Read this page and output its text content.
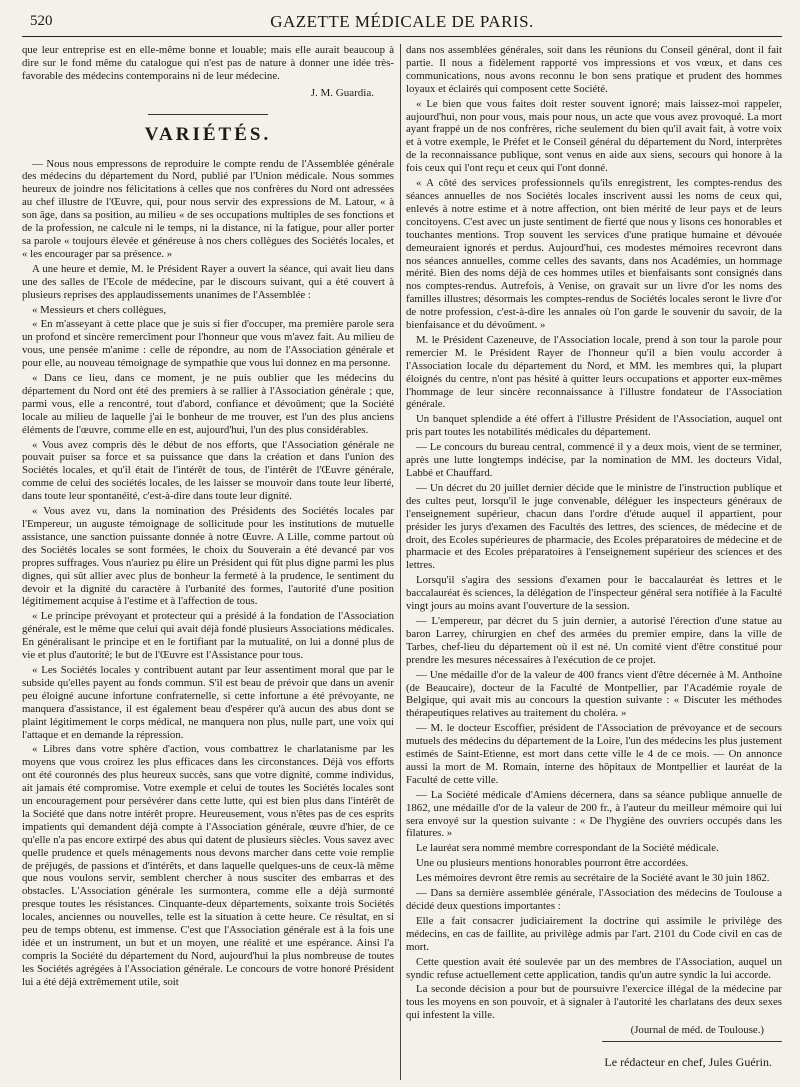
520	GAZETTE MÉDICALE DE PARIS.

que leur entreprise est en elle-même bonne et louable; mais elle aurait beaucoup à dire sur le fond même du catalogue qui n'est pas de nature à donner une idée très-favorable des médecins contemporains ni de leur médecine.

J. M. Guardia.
VARIÉTÉS.

— Nous nous empressons de reproduire le compte rendu de l'Assemblée générale des médecins du département du Nord, publié par l'Union médicale. Nous sommes heureux de joindre nos félicitations à celles que nos confrères du Nord ont adressées au chef illustre de l'Œuvre, qui, pour nous servir des expressions de M. Latour, « à son âge, dans sa position, au milieu « de ses occupations multiples de ses fonctions et de la profession, ne calcule ni le temps, ni la distance, ni la fatigue, pour aller porter sa parole « toujours élevée et généreuse à nos chers collègues des Sociétés locales, et « les encourager par sa présence. »

A une heure et demie, M. le Président Rayer a ouvert la séance, qui avait lieu dans une des salles de l'Ecole de médecine, par le discours suivant, qui a été couvert à plusieurs reprises des applaudissements unanimes de l'Assemblée :

« Messieurs et chers collègues,

« En m'asseyant à cette place que je suis si fier d'occuper, ma première parole sera un profond et sincère remercîment pour l'honneur que vous m'avez fait. Au milieu de vous, une pensée m'anime : celle de répondre, au nom de l'Association générale et pour elle, au nouveau témoignage de sympathie que vous lui donnez en ma personne.

« Dans ce lieu, dans ce moment, je ne puis oublier que les médecins du département du Nord ont été des premiers à se rallier à l'Association générale ; que, parmi vous, elle a rencontré, tout d'abord, confiance et dévoûment; que la Société locale au milieu de laquelle j'ai le bonheur de me trouver, est l'un des plus anciens éléments de l'œuvre, comme elle en est, aujourd'hui, l'un des plus considérables.

« Vous avez compris dès le début de nos efforts, que l'Association générale ne pouvait puiser sa force et sa puissance que dans la création et dans l'union des Sociétés locales, et qu'il était de l'intérêt de tous, de l'intérêt de l'Œuvre générale, comme de celui des sociétés locales, de les laisser se mouvoir dans toute leur liberté, dans toute leur spontanéité, c'est-à-dire dans toute leur dignité.

« Vous avez vu, dans la nomination des Présidents des Sociétés locales par l'Empereur, un auguste témoignage de sollicitude pour les institutions de mutuelle assistance, une sanction puissante donnée à notre Œuvre. A Lille, comme partout où des Sociétés locales se sont formées, le choix du Souverain a été devancé par vos propres suffrages. Vous n'auriez pu élire un Président qui fût plus digne parmi les plus dignes, qui sût allier avec plus de bonheur la fermeté à la prudence, le sentiment du devoir et la dignité du caractère à l'urbanité des formes, l'autorité d'une position légitimement acquise à l'estime et à l'affection de tous.

« Le principe prévoyant et protecteur qui a présidé à la fondation de l'Association générale, est le même que celui qui avait déjà fondé plusieurs Associations médicales. En généralisant le principe et en le fortifiant par la mutualité, on lui a donné plus de vie et plus d'autorité; le but de l'Œuvre est l'Assistance pour tous.

« Les Sociétés locales y contribuent autant par leur assentiment moral que par le subside qu'elles payent au fonds commun. S'il est beau de prévoir que dans un avenir peu éloigné aucune infortune confraternelle, si cette infortune a été prévoyante, ne manquera d'assistance, il est également beau d'espérer qu'à aucun des abus dont se plaint légitimement le corps médical, ne manquera non plus, nulle part, une voix qui l'attaque et en demande la répression.

« Libres dans votre sphère d'action, vous combattrez le charlatanisme par les moyens que vous croirez les plus efficaces dans les circonstances. Déjà vos efforts ont été couronnés des plus heureux succès, sans que votre dignité, comme individus, ait jamais été compromise. Votre exemple et celui de toutes les Sociétés locales sont un encouragement pour persévérer dans cette lutte, qui est bien plus dans l'intérêt de la Société que dans notre intérêt propre. Heureusement, vous n'êtes pas de ces esprits impatients qui demandent déjà compte à l'Association générale, œuvre d'hier, de ce qu'elle n'a pas encore extirpé des abus qui datent de plusieurs siècles. Vous savez avec quelle prudence et quels ménagements nous devons marcher dans cette voie remplie de préjugés, de passions et d'intérêts, et dans laquelle quelques-uns de ceux-là même que nous voulons servir, semblent chercher à nous susciter des embarras et des obstacles. L'Association générale les surmontera, comme elle a déjà surmonté presque toutes les résistances. Cinquante-deux départements, soixante trois Sociétés locales, anciennes ou nouvelles, telle est la situation à cette heure. Ce résultat, en si peu de temps obtenu, est immense. C'est que l'Association générale est à la fois une idée et un instrument, un but et un moyen, une réalité et une espérance. Ainsi l'a compris la Société du département du Nord, aujourd'hui la plus nombreuse de toutes les Sociétés agrégées à l'Association générale. Le concours de votre honoré Président lui a été déjà extrêmement utile, soit

dans nos assemblées générales, soit dans les réunions du Conseil général, dont il fait partie. Il nous a fidèlement rapporté vos impressions et vos vœux, et dans ces communications, nous avons reconnu le bon sens pratique et prudent des hommes loyaux et éclairés qui composent cette Société.

« Le bien que vous faites doit rester souvent ignoré; mais laissez-moi rappeler, aujourd'hui, non pour vous, mais pour nous, un acte que vous avez provoqué. La mort ayant frappé un de nos confrères, riche seulement du bien qu'il avait fait, à votre voix et à votre exemple, le Préfet et le Conseil général du département du Nord, interprètes de la reconnaissance publique, sont venus en aide aux siens, secours qui honore à la fois ceux qui l'ont reçu et ceux qui l'ont donné.

« A côté des services professionnels qu'ils enregistrent, les comptes-rendus des séances annuelles de nos Sociétés locales inscrivent aussi les noms de ceux qui, enlevés à notre estime et à notre affection, ont bien mérité de leur pays et de leurs concitoyens. C'est avec un juste sentiment de fierté que nous y lisons ces honorables et touchantes mentions. Trop souvent les services d'une pratique humaine et dévouée demeuraient ignorés et perdus. Aujourd'hui, ces modestes mémoires recevront dans nos séances annuelles, comme celles des savants, dans nos Académies, un hommage mérité. Bien des noms déjà de ces hommes utiles et bienfaisants sont consignés dans nos comptes-rendus. Autrefois, à Venise, on gravait sur un livre d'or les noms des familles illustres; désormais les comptes-rendus de Sociétés locales seront le livre d'or de notre profession, c'est-à-dire les annales où l'on garde le souvenir du savoir, de la bienfaisance et du dévoûment. »

M. le Président Cazeneuve, de l'Association locale, prend à son tour la parole pour remercier M. le Président Rayer de l'honneur qu'il a bien voulu accorder à l'Association locale du département du Nord, et MM. les membres qui, la plupart éloignés du centre, n'ont pas hésité à quitter leurs occupations et apporter eux-mêmes l'hommage de leur sincère reconnaissance à l'illustre fondateur de l'Association générale.

Un banquet splendide a été offert à l'illustre Président de l'Association, auquel ont pris part toutes les notabilités médicales du département.

— Le concours du bureau central, commencé il y a deux mois, vient de se terminer, après une lutte longtemps indécise, par la nomination de MM. les docteurs Vidal, Labbé et Chauffard.

— Un décret du 20 juillet dernier décide que le ministre de l'instruction publique et des cultes peut, lorsqu'il le juge convenable, déléguer les inspecteurs généraux de l'enseignement supérieur, chacun dans l'ordre d'étude auquel il appartient, pour présider les jurys d'examen des Facultés des lettres, des sciences, de médecine et de droit, des Ecoles supérieures de pharmacie, des Ecoles préparatoires de médecine et de pharmacie et des Ecoles préparatoires à l'enseignement supérieur des sciences et des lettres.

Lorsqu'il s'agira des sessions d'examen pour le baccalauréat ès lettres et le baccalauréat ès sciences, la délégation de l'inspecteur général sera notifiée à la Faculté vingt jours au moins avant l'ouverture de la session.

— L'empereur, par décret du 5 juin dernier, a autorisé l'érection d'une statue au baron Larrey, chirurgien en chef des armées du premier empire, dans la ville de Tarbes, chef-lieu du département où il est né. Un comité vient d'être constitué pour prendre les mesures nécessaires à l'exécution de ce projet.

— Une médaille d'or de la valeur de 400 francs vient d'être décernée à M. Anthoine (de Beaucaire), docteur de la Faculté de Montpellier, par l'Académie royale de Belgique, qui avait mis au concours la question suivante : « Discuter les méthodes thérapeutiques relatives au traitement du choléra. »

— M. le docteur Escoffier, président de l'Association de prévoyance et de secours mutuels des médecins du département de la Loire, l'un des médecins les plus justement estimés de Saint-Etienne, est mort dans cette ville le 4 de ce mois. — On annonce aussi la mort de M. Romain, interne des hôpitaux de Montpellier et lauréat de la Faculté de cette ville.

— La Société médicale d'Amiens décernera, dans sa séance publique annuelle de 1862, une médaille d'or de la valeur de 200 fr., à l'auteur du meilleur mémoire qui lui sera envoyé sur la question suivante : « De l'hygiène des ouvriers occupés dans les filatures. »

Le lauréat sera nommé membre correspondant de la Société médicale.

Une ou plusieurs mentions honorables pourront être accordées.

Les mémoires devront être remis au secrétaire de la Société avant le 30 juin 1862.

— Dans sa dernière assemblée générale, l'Association des médecins de Toulouse a décidé deux questions importantes :

Elle a fait consacrer judiciairement la doctrine qui assimile le privilège des médecins, en cas de faillite, au privilège admis par l'art. 2101 du Code civil en cas de mort.

Cette question avait été soulevée par un des membres de l'Association, auquel un syndic refuse actuellement cette application, tandis qu'un autre syndic la lui accorde.

La seconde décision a pour but de poursuivre l'exercice illégal de la médecine par tous les moyens en son pouvoir, et à signaler à l'autorité les charlatans des deux sexes qui infestent la ville.

(Journal de méd. de Toulouse.)
Le rédacteur en chef, Jules Guérin.
